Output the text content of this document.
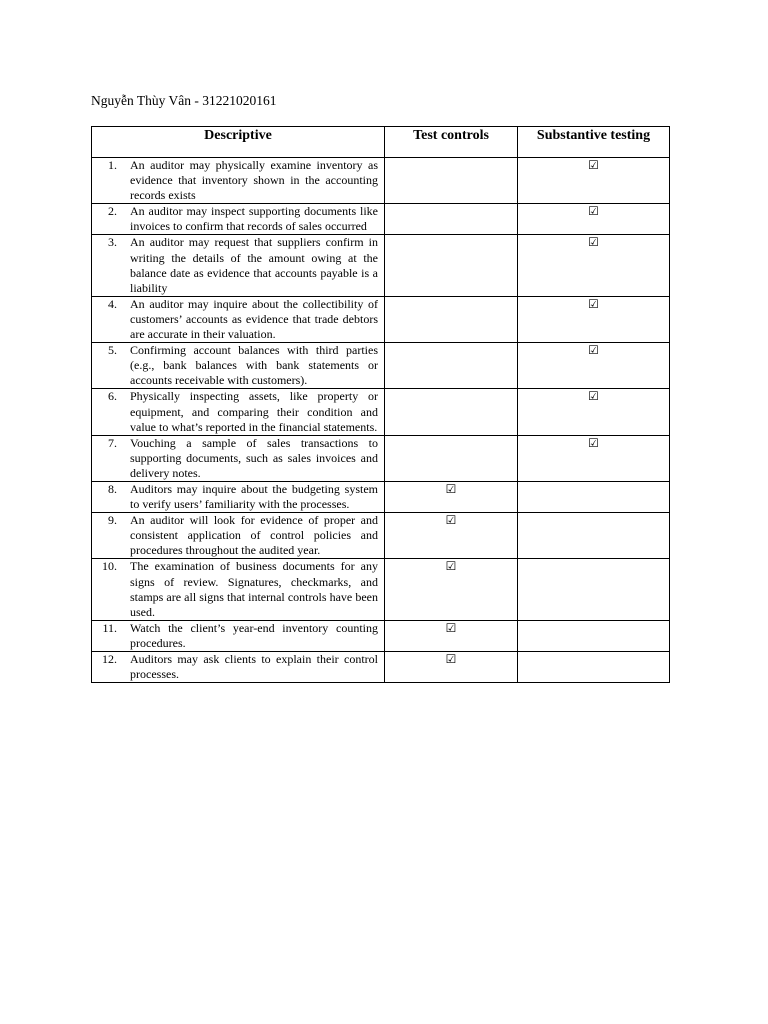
Nguyễn Thùy Vân - 31221020161
Descriptive	Test controls	Substantive testing

1. An auditor may physically examine inventory as evidence that inventory shown in the accounting records exists		☑

2. An auditor may inspect supporting documents like invoices to confirm that records of sales occurred		☑

3. An auditor may request that suppliers confirm in writing the details of the amount owing at the balance date as evidence that accounts payable is a liability		☑

4. An auditor may inquire about the collectibility of customers’ accounts as evidence that trade debtors are accurate in their valuation.		☑

5. Confirming account balances with third parties (e.g., bank balances with bank statements or accounts receivable with customers).		☑

6. Physically inspecting assets, like property or equipment, and comparing their condition and value to what’s reported in the financial statements.		☑

7. Vouching a sample of sales transactions to supporting documents, such as sales invoices and delivery notes.		☑

8. Auditors may inquire about the budgeting system to verify users’ familiarity with the processes.	☑	

9. An auditor will look for evidence of proper and consistent application of control policies and procedures throughout the audited year.	☑	

10. The examination of business documents for any signs of review. Signatures, checkmarks, and stamps are all signs that internal controls have been used.	☑	

11. Watch the client’s year-end inventory counting procedures.	☑	

12. Auditors may ask clients to explain their control processes.	☑	
